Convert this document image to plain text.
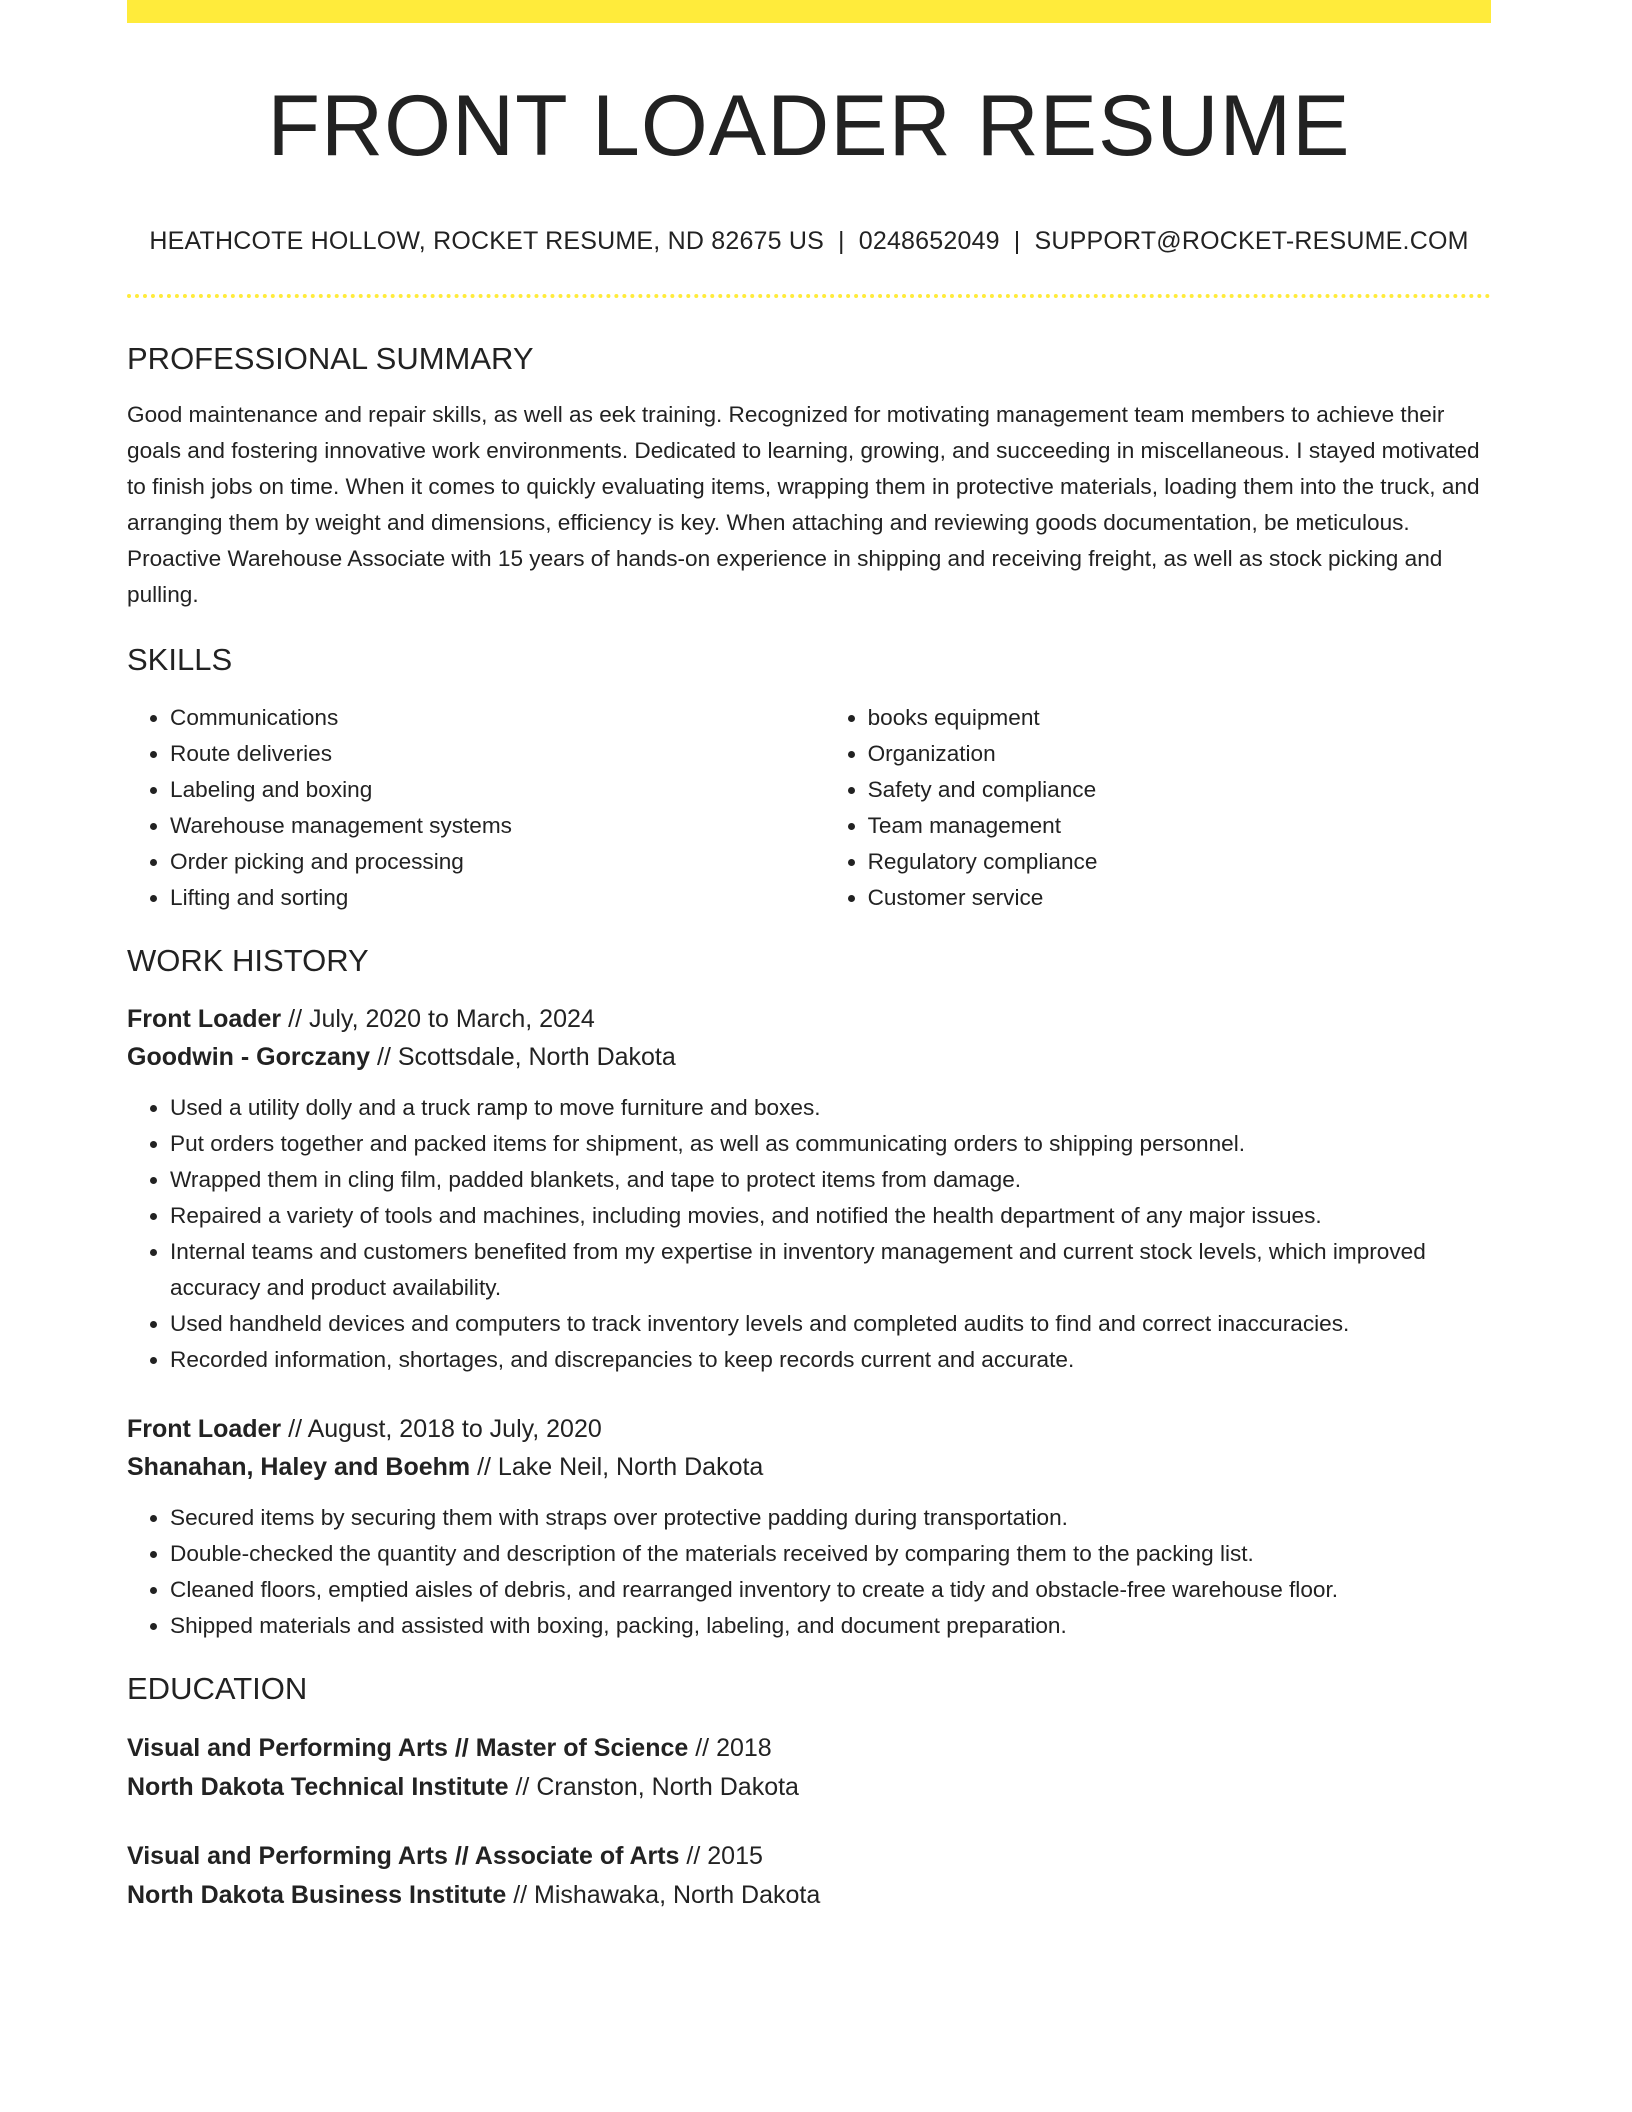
FRONT LOADER RESUME
HEATHCOTE HOLLOW, ROCKET RESUME, ND 82675 US | 0248652049 | SUPPORT@ROCKET-RESUME.COM
PROFESSIONAL SUMMARY
Good maintenance and repair skills, as well as eek training. Recognized for motivating management team members to achieve their goals and fostering innovative work environments. Dedicated to learning, growing, and succeeding in miscellaneous. I stayed motivated to finish jobs on time. When it comes to quickly evaluating items, wrapping them in protective materials, loading them into the truck, and arranging them by weight and dimensions, efficiency is key. When attaching and reviewing goods documentation, be meticulous. Proactive Warehouse Associate with 15 years of hands-on experience in shipping and receiving freight, as well as stock picking and pulling.
SKILLS
• Communications
• Route deliveries
• Labeling and boxing
• Warehouse management systems
• Order picking and processing
• Lifting and sorting
• books equipment
• Organization
• Safety and compliance
• Team management
• Regulatory compliance
• Customer service
WORK HISTORY
Front Loader // July, 2020 to March, 2024
Goodwin - Gorczany // Scottsdale, North Dakota
• Used a utility dolly and a truck ramp to move furniture and boxes.
• Put orders together and packed items for shipment, as well as communicating orders to shipping personnel.
• Wrapped them in cling film, padded blankets, and tape to protect items from damage.
• Repaired a variety of tools and machines, including movies, and notified the health department of any major issues.
• Internal teams and customers benefited from my expertise in inventory management and current stock levels, which improved accuracy and product availability.
• Used handheld devices and computers to track inventory levels and completed audits to find and correct inaccuracies.
• Recorded information, shortages, and discrepancies to keep records current and accurate.
Front Loader // August, 2018 to July, 2020
Shanahan, Haley and Boehm // Lake Neil, North Dakota
• Secured items by securing them with straps over protective padding during transportation.
• Double-checked the quantity and description of the materials received by comparing them to the packing list.
• Cleaned floors, emptied aisles of debris, and rearranged inventory to create a tidy and obstacle-free warehouse floor.
• Shipped materials and assisted with boxing, packing, labeling, and document preparation.
EDUCATION
Visual and Performing Arts // Master of Science // 2018
North Dakota Technical Institute // Cranston, North Dakota
Visual and Performing Arts // Associate of Arts // 2015
North Dakota Business Institute // Mishawaka, North Dakota
